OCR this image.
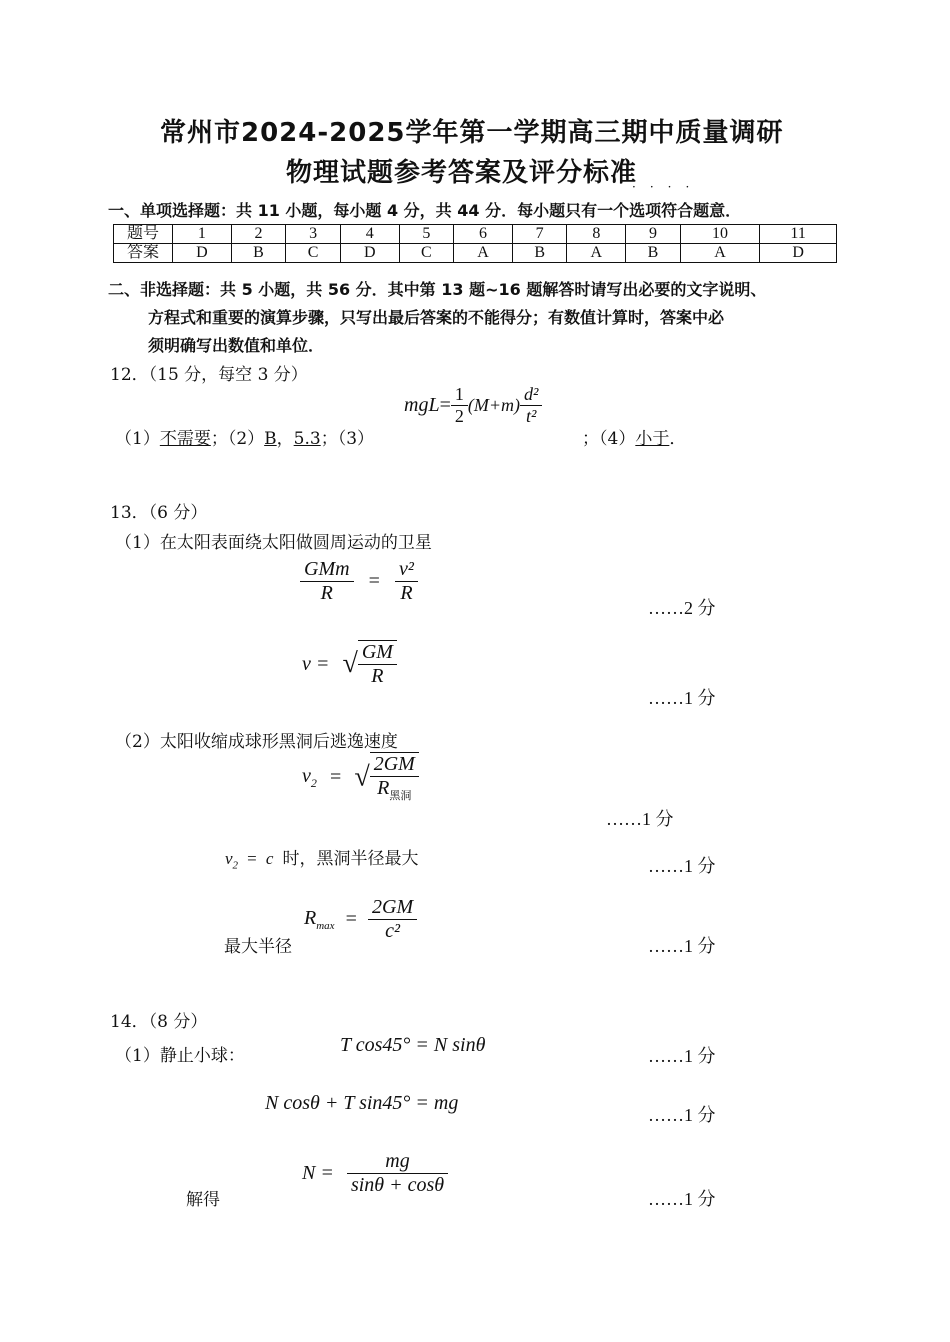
常州市2024-2025学年第一学期高三期中质量调研
物理试题参考答案及评分标准
····
一、单项选择题：共 11 小题，每小题 4 分，共 44 分．每小题只有一个选项符合题意．
题号	1	2	3	4	5	6	7	8	9	10	11
答案	D	B	C	D	C	A	B	A	B	A	D
二、非选择题：共 5 小题，共 56 分．其中第 13 题~16 题解答时请写出必要的文字说明、
方程式和重要的演算步骤，只写出最后答案的不能得分；有数值计算时，答案中必
须明确写出数值和单位．
12．（15 分，每空 3 分）
（1）不需要；（2）B，5.3；（3）
$mgL= \frac{1}{2} (M+m) \frac{\text{d²}}{\text{t²}}$
；（4）小于．
13．（6 分）
（1）在太阳表面绕太阳做圆周运动的卫星
$\frac{\text{GMm}}{R} = \frac{\text{v²}}{R}$
……2 分
v = √ $\frac{GM}{R}$
……1 分
（2）太阳收缩成球形黑洞后逃逸速度
$v_2$ = √ $\frac{2GM}{R_{黑洞}}$
……1 分
$v_2 = c$ 时，黑洞半径最大	……1 分
最大半径
$R_{max} = \frac{2GM}{\text{c²}}$
……1 分
14．（8 分）
（1）静止小球：	T cos45° = N sinθ	……1 分
N cosθ + T sin45° = mg
……1 分
解得
$N = \frac{mg}{\sin\theta + \cos\theta}$
……1 分
